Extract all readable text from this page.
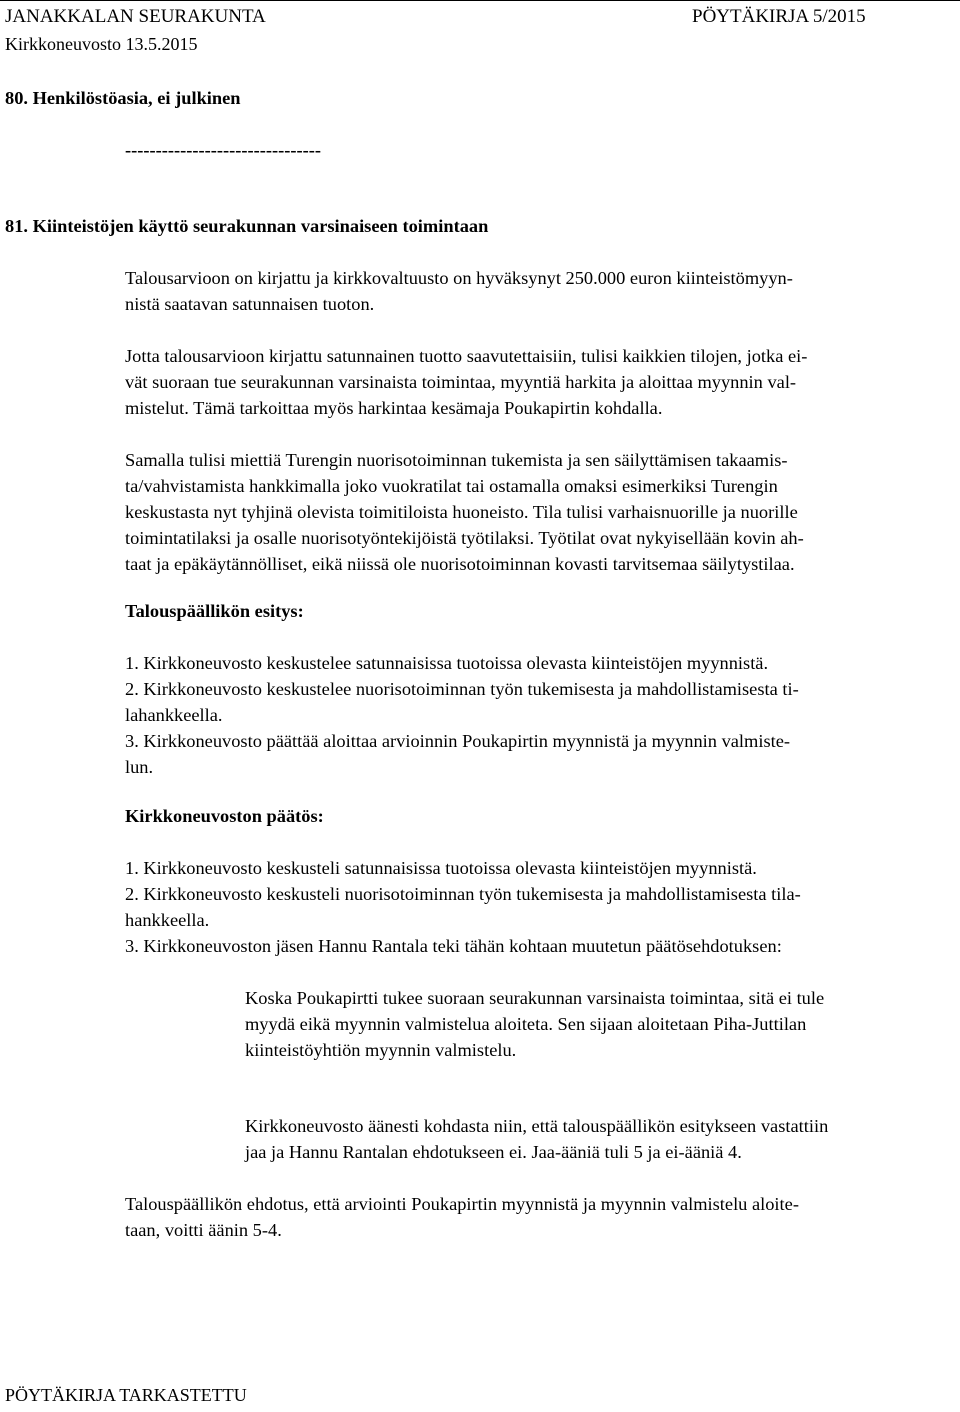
JANAKKALAN SEURAKUNTA	PÖYTÄKIRJA 5/2015
Kirkkoneuvosto 13.5.2015
80. Henkilöstöasia, ei julkinen
--------------------------------
81. Kiinteistöjen käyttö seurakunnan varsinaiseen toimintaan
Talousarvioon on kirjattu ja kirkkovaltuusto on hyväksynyt 250.000 euron kiinteistömyyn-
nistä saatavan satunnaisen tuoton.
Jotta talousarvioon kirjattu satunnainen tuotto saavutettaisiin, tulisi kaikkien tilojen, jotka ei-
vät suoraan tue seurakunnan varsinaista toimintaa, myyntiä harkita ja aloittaa myynnin val-
mistelut. Tämä tarkoittaa myös harkintaa kesämaja Poukapirtin kohdalla.
Samalla tulisi miettiä Turengin nuorisotoiminnan tukemista ja sen säilyttämisen takaamis-
ta/vahvistamista hankkimalla joko vuokratilat tai ostamalla omaksi esimerkiksi Turengin
keskustasta nyt tyhjinä olevista toimitiloista huoneisto. Tila tulisi varhaisnuorille ja nuorille
toimintatilaksi ja osalle nuorisotyöntekijöistä työtilaksi. Työtilat ovat nykyisellään kovin ah-
taat ja epäkäytännölliset, eikä niissä ole nuorisotoiminnan kovasti tarvitsemaa säilytystilaa.
Talouspäällikön esitys:
1. Kirkkoneuvosto keskustelee satunnaisissa tuotoissa olevasta kiinteistöjen myynnistä.
2. Kirkkoneuvosto keskustelee nuorisotoiminnan työn tukemisesta ja mahdollistamisesta ti-
lahankkeella.
3. Kirkkoneuvosto päättää aloittaa arvioinnin Poukapirtin myynnistä ja myynnin valmiste-
lun.
Kirkkoneuvoston päätös:
1. Kirkkoneuvosto keskusteli satunnaisissa tuotoissa olevasta kiinteistöjen myynnistä.
2. Kirkkoneuvosto keskusteli nuorisotoiminnan työn tukemisesta ja mahdollistamisesta tila-
hankkeella.
3. Kirkkoneuvoston jäsen Hannu Rantala teki tähän kohtaan muutetun päätösehdotuksen:
Koska Poukapirtti tukee suoraan seurakunnan varsinaista toimintaa, sitä ei tule
myydä eikä myynnin valmistelua aloiteta. Sen sijaan aloitetaan Piha-Juttilan
kiinteistöyhtiön myynnin valmistelu.
Kirkkoneuvosto äänesti kohdasta niin, että talouspäällikön esitykseen vastattiin
jaa ja Hannu Rantalan ehdotukseen ei. Jaa-ääniä tuli 5 ja ei-ääniä 4.
Talouspäällikön ehdotus, että arviointi Poukapirtin myynnistä ja myynnin valmistelu aloite-
taan, voitti äänin 5-4.
PÖYTÄKIRJA TARKASTETTU
